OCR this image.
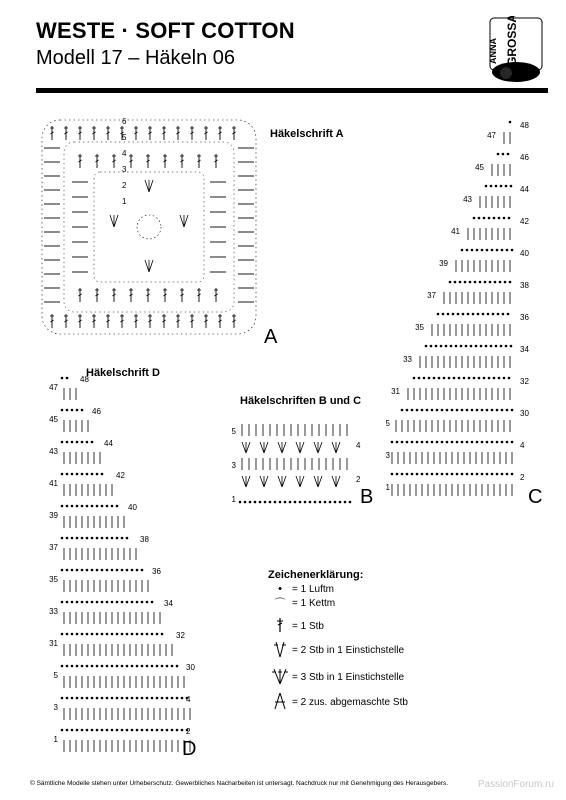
WESTE · SOFT COTTON
Modell 17 – Häkeln 06	ANNA GROSSA
Häkelschrift A
A
6
5
4
3
2
1
Häkelschrift D
D
47
45
43
41
39
37
35
33
31
5
3
1
48
46
44
42
40
38
36
34
32
30
4
2
Häkelschriften B und C
B
5
3
1
4
2
C
47
45
43
41
39
37
35
33
31
5
3
1
48
46
44
42
40
38
36
34
32
30
4
2
Zeichenerklärung:
•	= 1 Luftm
⌒ = 1 Kettm
= 1 Stb
= 2 Stb in 1 Einstichstelle
= 3 Stb in 1 Einstichstelle
= 2 zus. abgemaschte Stb
© Sämtliche Modelle stehen unter Urheberschutz. Gewerbliches Nacharbeiten ist untersagt. Nachdruck nur mit Genehmigung des Herausgebers.	PassionForum.ru
